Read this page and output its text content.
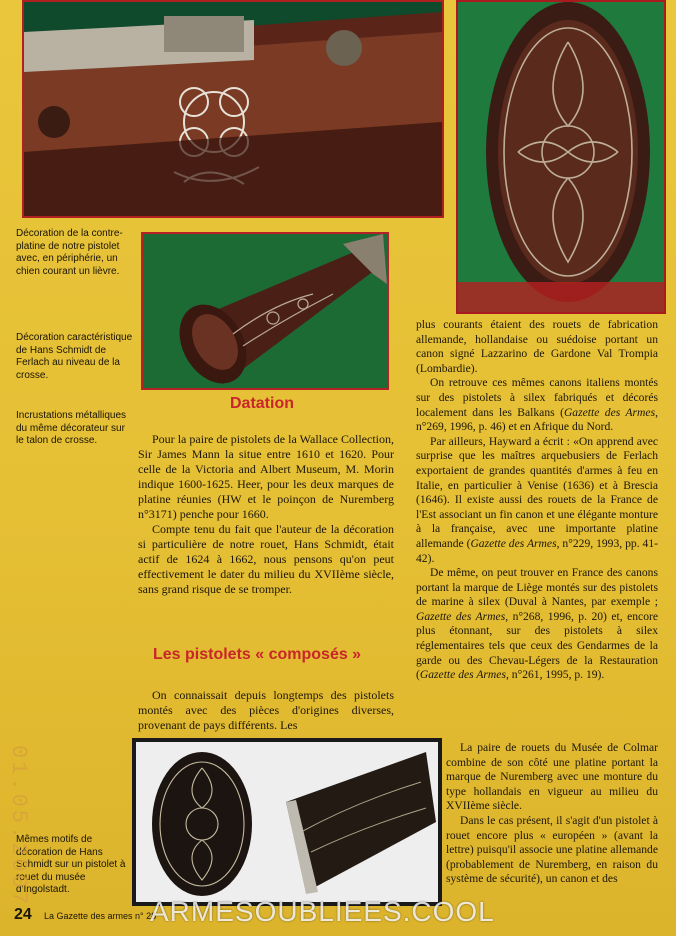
Décoration de la contre-platine de notre pistolet avec, en périphérie, un chien courant un lièvre.
Décoration caractéristique de Hans Schmidt de Ferlach au niveau de la crosse.
Incrustations métalliques du même décorateur sur le talon de crosse.
Mêmes motifs de décoration de Hans Schmidt sur un pistolet à rouet du musée d'Ingolstadt.
Datation
Les pistolets « composés »

Pour la paire de pistolets de la Wallace Collection, Sir James Mann la situe entre 1610 et 1620. Pour celle de la Victoria and Albert Museum, M. Morin indique 1600-1625. Heer, pour les deux marques de platine réunies (HW et le poinçon de Nuremberg n°3171) penche pour 1660.

Compte tenu du fait que l'auteur de la décoration si particulière de notre rouet, Hans Schmidt, était actif de 1624 à 1662, nous pensons qu'on peut effectivement le dater du milieu du XVIIème siècle, sans grand risque de se tromper.

On connaissait depuis longtemps des pistolets montés avec des pièces d'origines diverses, provenant de pays différents. Les

plus courants étaient des rouets de fabrication allemande, hollandaise ou suédoise portant un canon signé Lazzarino de Gardone Val Trompia (Lombardie).

On retrouve ces mêmes canons italiens montés sur des pistolets à silex fabriqués et décorés localement dans les Balkans (Gazette des Armes, n°269, 1996, p. 46) et en Afrique du Nord.

Par ailleurs, Hayward a écrit : «On apprend avec surprise que les maîtres arquebusiers de Ferlach exportaient de grandes quantités d'armes à feu en Italie, en particulier à Venise (1636) et à Brescia (1646). Il existe aussi des rouets de la France de l'Est associant un fin canon et une élégante monture à la française, avec une importante platine allemande (Gazette des Armes, n°229, 1993, pp. 41-42).

De même, on peut trouver en France des canons portant la marque de Liège montés sur des pistolets de marine à silex (Duval à Nantes, par exemple ; Gazette des Armes, n°268, 1996, p. 20) et, encore plus étonnant, sur des pistolets à silex réglementaires tels que ceux des Gendarmes de la garde ou des Chevau-Légers de la Restauration (Gazette des Armes, n°261, 1995, p. 19).

La paire de rouets du Musée de Colmar combine de son côté une platine portant la marque de Nuremberg avec une monture du type hollandais en vigueur au milieu du XVIIème siècle.

Dans le cas présent, il s'agit d'un pistolet à rouet encore plus « européen » (avant la lettre) puisqu'il associe une platine allemande (probablement de Nuremberg, en raison du système de sécurité), un canon et des

01.05.2007
24 La Gazette des armes n° 28
ARMESOUBLIEES.COOL
